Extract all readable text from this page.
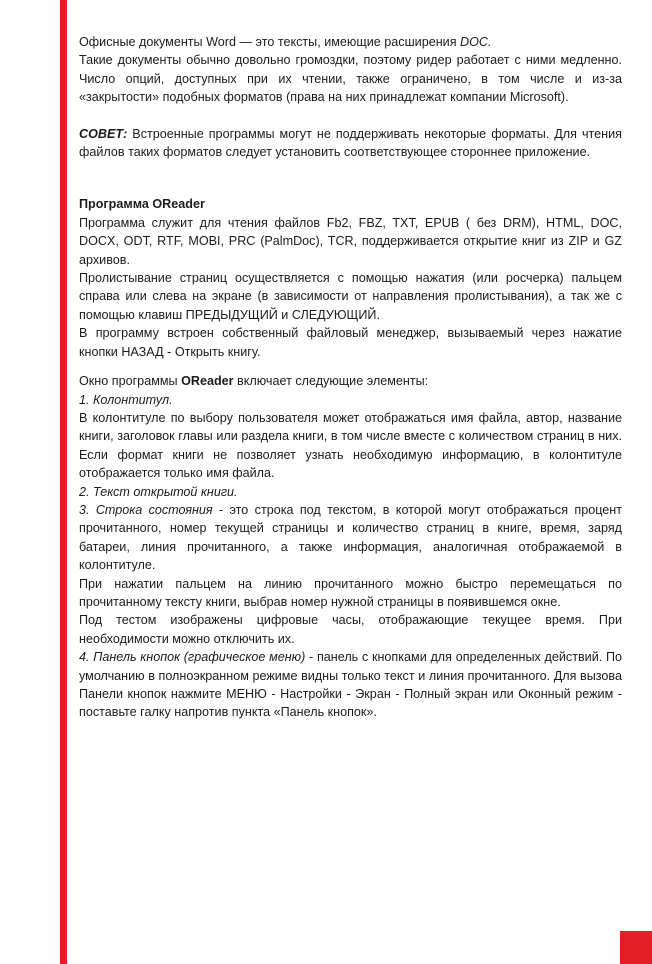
Офисные документы Word — это тексты, имеющие расширения DOC.

Такие документы обычно довольно громоздки, поэтому ридер работает с ними медленно. Число опций, доступных при их чтении, также ограничено, в том числе и из-за «закрытости» подобных форматов (права на них принадлежат компании Microsoft).

СОВЕТ: Встроенные программы могут не поддерживать некоторые форматы. Для чтения файлов таких форматов следует установить соответствующее стороннее приложение.

Программа OReader

Программа служит для чтения файлов Fb2, FBZ, TXT, EPUB ( без DRM), HTML, DOC, DOCX, ODT, RTF, MOBI, PRC (PalmDoc), TCR, поддерживается открытие книг из ZIP и GZ архивов.

Пролистывание страниц осуществляется с помощью нажатия (или росчерка) пальцем справа или слева на экране (в зависимости от направления пролистывания), а так же с помощью клавиш ПРЕДЫДУЩИЙ и СЛЕДУЮЩИЙ.

В программу встроен собственный файловый менеджер, вызываемый через нажатие кнопки НАЗАД - Открыть книгу.

Окно программы OReader включает следующие элементы:

1. Колонтитул.

В колонтитуле по выбору пользователя может отображаться имя файла, автор, название книги, заголовок главы или раздела книги, в том числе вместе с количеством страниц в них. Если формат книги не позволяет узнать необходимую информацию, в колонтитуле отображается только имя файла.

2. Текст открытой книги.

3. Строка состояния - это строка под текстом, в которой могут отображаться процент прочитанного, номер текущей страницы и количество страниц в книге, время, заряд батареи, линия прочитанного, а также информация, аналогичная отображаемой в колонтитуле.

При нажатии пальцем на линию прочитанного можно быстро перемещаться по прочитанному тексту книги, выбрав номер нужной страницы в появившемся окне.

Под тестом изображены цифровые часы, отображающие текущее время. При необходимости можно отключить их.

4. Панель кнопок (графическое меню) - панель с кнопками для определенных действий. По умолчанию в полноэкранном режиме видны только текст и линия прочитанного. Для вызова Панели кнопок нажмите МЕНЮ - Настройки - Экран - Полный экран или Оконный режим - поставьте галку напротив пункта «Панель кнопок».
